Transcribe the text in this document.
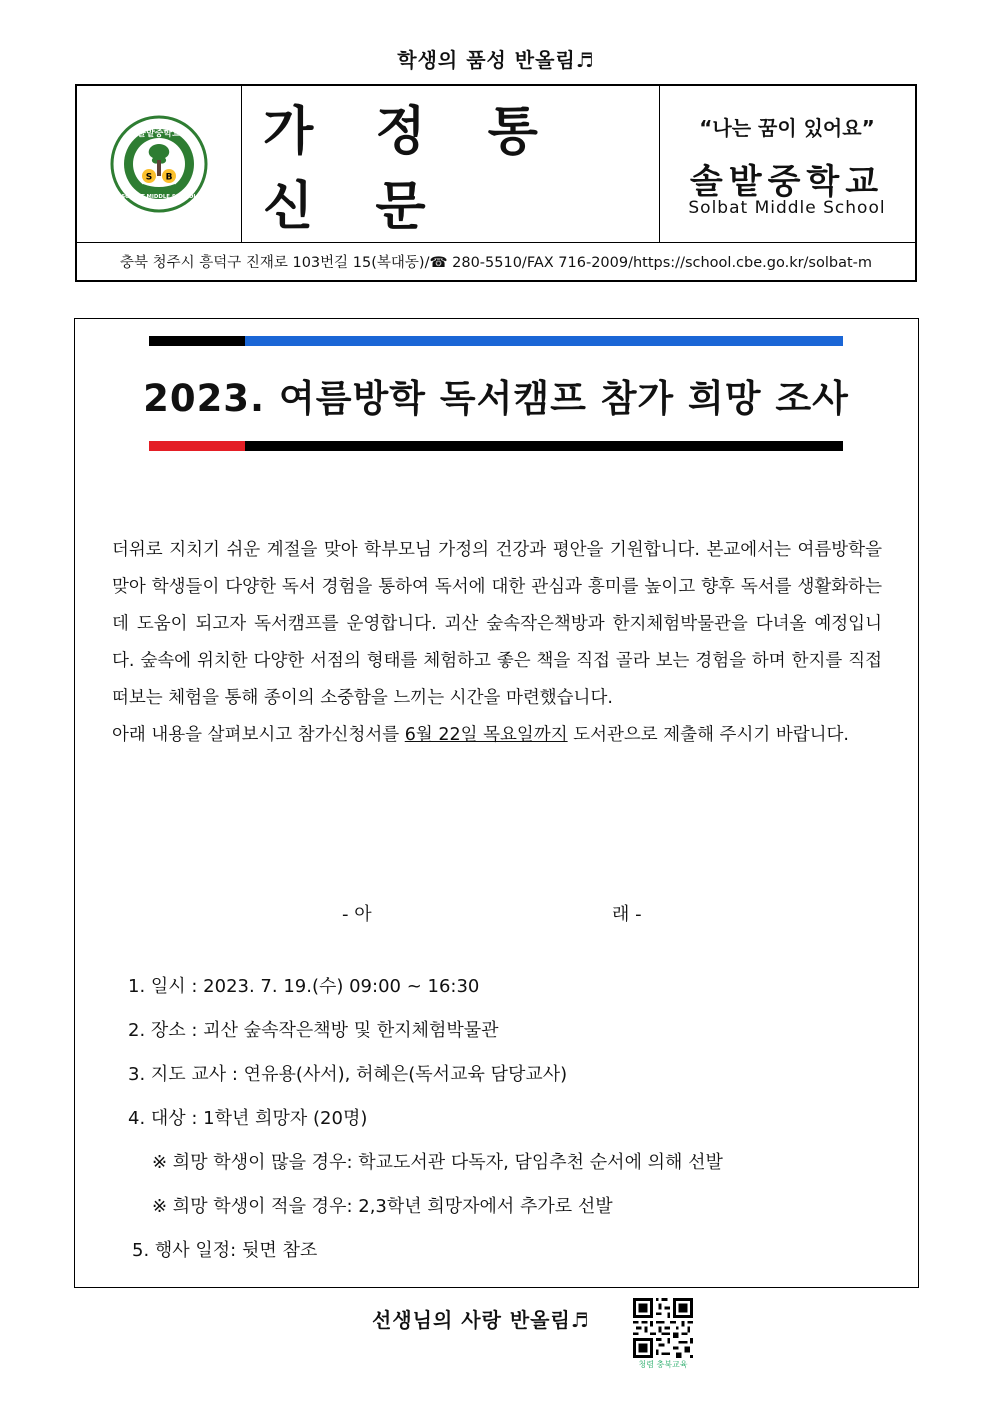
학생의 품성 반올림♬
S B
솔밭중학교
SOLBAT MIDDLE SCHOOL
가 정 통 신 문
“나는 꿈이 있어요”
솔밭중학교
Solbat Middle School
충북 청주시 흥덕구 진재로 103번길 15(복대동)/☎ 280-5510/FAX 716-2009/https://school.cbe.go.kr/solbat-m
2023. 여름방학 독서캠프 참가 희망 조사
더위로 지치기 쉬운 계절을 맞아 학부모님 가정의 건강과 평안을 기원합니다. 본교에서는 여름방학을 맞아 학생들이 다양한 독서 경험을 통하여 독서에 대한 관심과 흥미를 높이고 향후 독서를 생활화하는데 도움이 되고자 독서캠프를 운영합니다. 괴산 숲속작은책방과 한지체험박물관을 다녀올 예정입니다. 숲속에 위치한 다양한 서점의 형태를 체험하고 좋은 책을 직접 골라 보는 경험을 하며 한지를 직접 떠보는 체험을 통해 종이의 소중함을 느끼는 시간을 마련했습니다.
아래 내용을 살펴보시고 참가신청서를 6월 22일 목요일까지 도서관으로 제출해 주시기 바랍니다.
- 아	래 -
1. 일시 : 2023. 7. 19.(수) 09:00 ~ 16:30
2. 장소 : 괴산 숲속작은책방 및 한지체험박물관
3. 지도 교사 : 연유용(사서), 허혜은(독서교육 담당교사)
4. 대상 : 1학년 희망자 (20명)
※ 희망 학생이 많을 경우: 학교도서관 다독자, 담임추천 순서에 의해 선발
※ 희망 학생이 적을 경우: 2,3학년 희망자에서 추가로 선발
5. 행사 일정: 뒷면 참조
선생님의 사랑 반올림♬
청렴 충북교육
